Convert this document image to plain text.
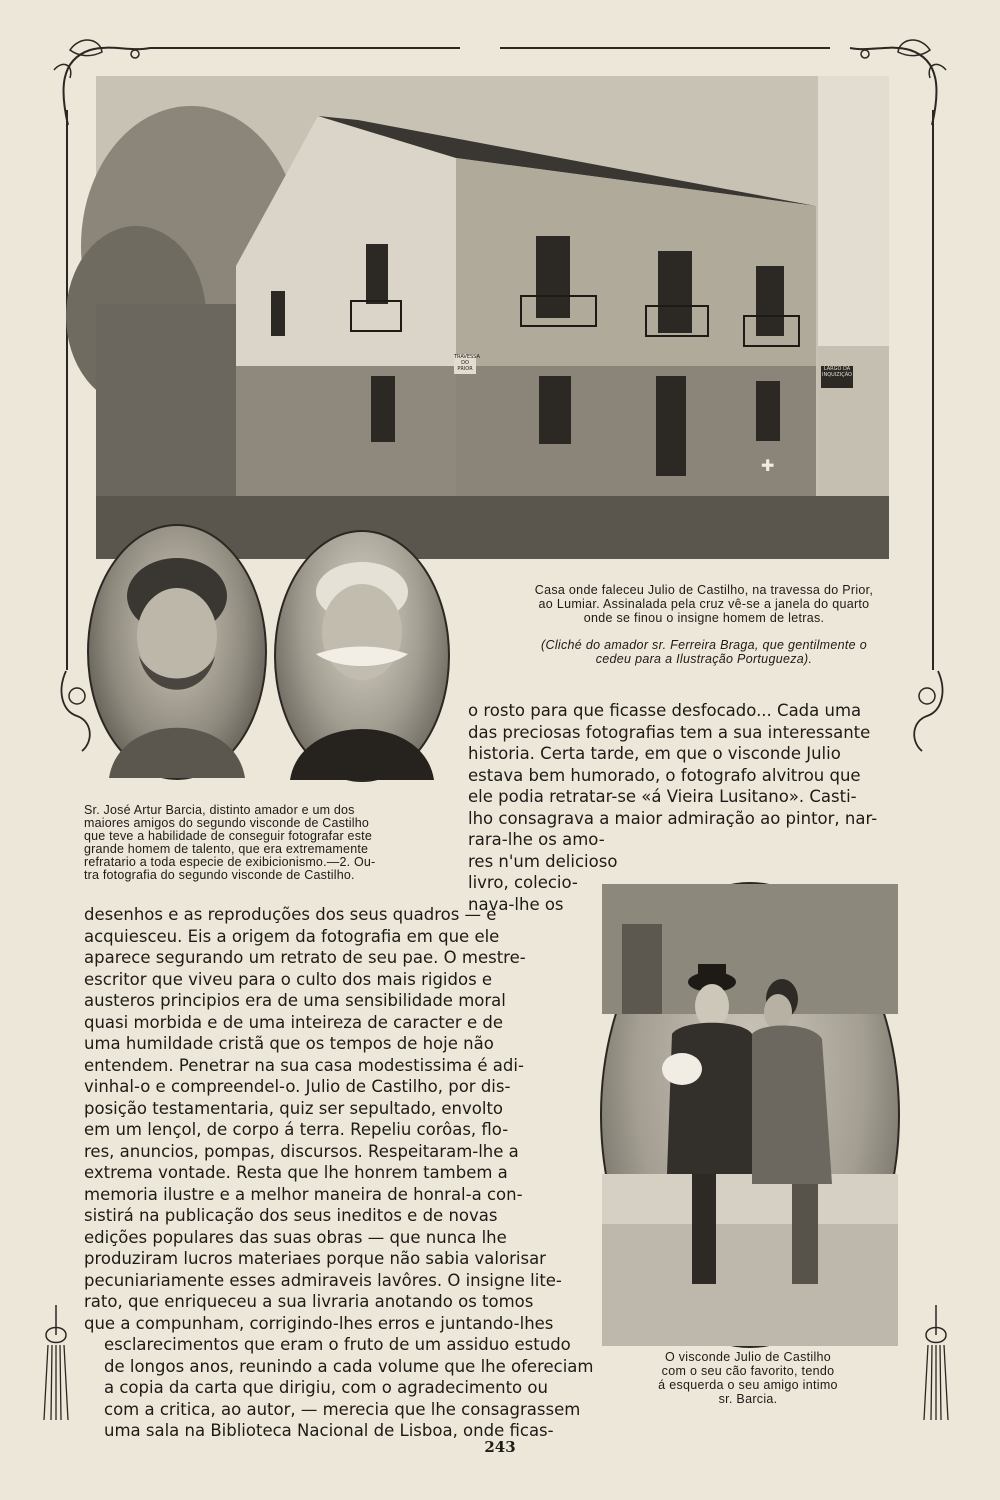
✚
TRAVESSA DO PRIOR	LARGO DA INQUIZIÇÃO
Casa onde faleceu Julio de Castilho, na travessa do Prior,
ao Lumiar. Assinalada pela cruz vê-se a janela do quarto
onde se finou o insigne homem de letras.
(Cliché do amador sr. Ferreira Braga, que gentilmente o
cedeu para a Ilustração Portugueza).
Sr. José Artur Barcia, distinto amador e um dos
maiores amigos do segundo visconde de Castilho
que teve a habilidade de conseguir fotografar este
grande homem de talento, que era extremamente
refratario a toda especie de exibicionismo.—2. Ou-
tra fotografia do segundo visconde de Castilho.
o rosto para que ficasse desfocado... Cada uma
das preciosas fotografias tem a sua interessante
historia. Certa tarde, em que o visconde Julio
estava bem humorado, o fotografo alvitrou que
ele podia retratar-se «á Vieira Lusitano». Casti-
lho consagrava a maior admiração ao pintor, nar-
rara-lhe os amo-
res n'um delicioso
livro, colecio-
nava-lhe os
O visconde Julio de Castilho
com o seu cão favorito, tendo
á esquerda o seu amigo intimo
sr. Barcia.
desenhos e as reproduções dos seus quadros — e
acquiesceu. Eis a origem da fotografia em que ele
aparece segurando um retrato de seu pae. O mestre-
escritor que viveu para o culto dos mais rigidos e
austeros principios era de uma sensibilidade moral
quasi morbida e de uma inteireza de caracter e de
uma humildade cristã que os tempos de hoje não
entendem. Penetrar na sua casa modestissima é adi-
vinhal-o e compreendel-o. Julio de Castilho, por dis-
posição testamentaria, quiz ser sepultado, envolto
em um lençol, de corpo á terra. Repeliu corôas, flo-
res, anuncios, pompas, discursos. Respeitaram-lhe a
extrema vontade. Resta que lhe honrem tambem a
memoria ilustre e a melhor maneira de honral-a con-
sistirá na publicação dos seus ineditos e de novas
edições populares das suas obras — que nunca lhe
produziram lucros materiaes porque não sabia valorisar
pecuniariamente esses admiraveis lavôres. O insigne lite-
rato, que enriqueceu a sua livraria anotando os tomos
que a compunham, corrigindo-lhes erros e juntando-lhes
esclarecimentos que eram o fruto de um assiduo estudo
de longos anos, reunindo a cada volume que lhe ofereciam
a copia da carta que dirigiu, com o agradecimento ou
com a critica, ao autor, — merecia que lhe consagrassem
uma sala na Biblioteca Nacional de Lisboa, onde ficas-
243
